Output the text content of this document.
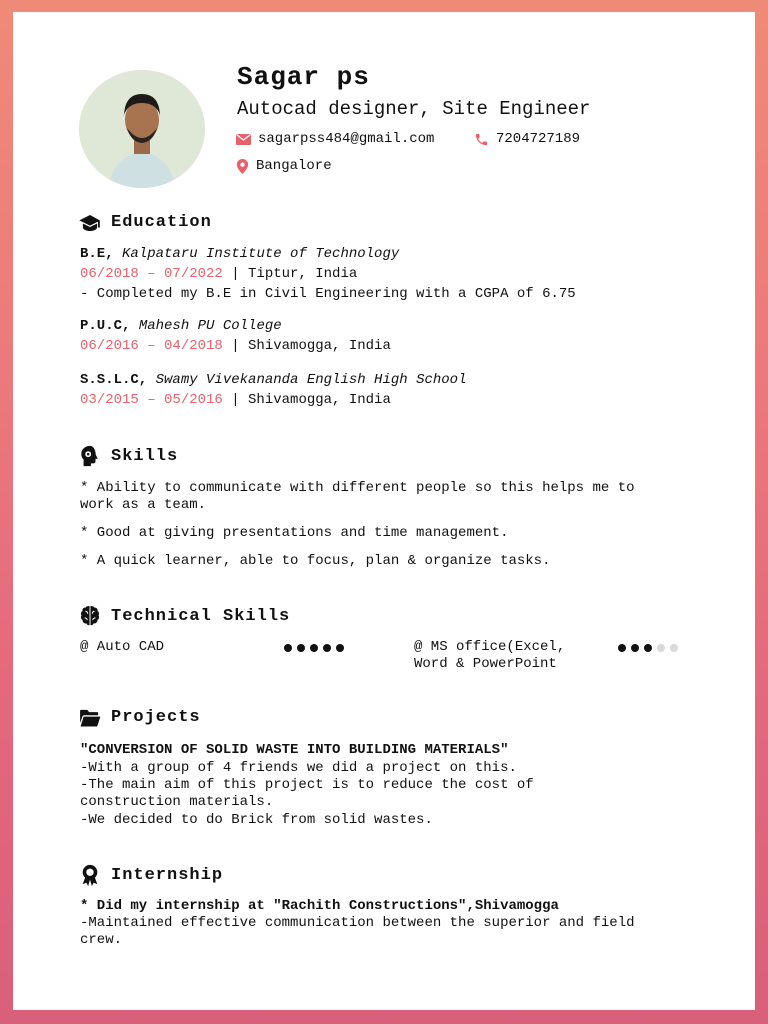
Sagar ps
Autocad designer, Site Engineer
sagarpss484@gmail.com	7204727189
Bangalore
Education
B.E, Kalpataru Institute of Technology
06/2018 – 07/2022 | Tiptur, India
- Completed my B.E in Civil Engineering with a CGPA of 6.75
P.U.C, Mahesh PU College
06/2016 – 04/2018 | Shivamogga, India
S.S.L.C, Swamy Vivekananda English High School
03/2015 – 05/2016 | Shivamogga, India
Skills
* Ability to communicate with different people so this helps me to work as a team.
* Good at giving presentations and time management.
* A quick learner, able to focus, plan & organize tasks.
Technical Skills
@ Auto CAD	@ MS office(Excel, Word & PowerPoint
Projects
"CONVERSION OF SOLID WASTE INTO BUILDING MATERIALS"
-With a group of 4 friends we did a project on this.
-The main aim of this project is to reduce the cost of construction materials.
-We decided to do Brick from solid wastes.
Internship
* Did my internship at "Rachith Constructions",Shivamogga
-Maintained effective communication between the superior and field crew.
